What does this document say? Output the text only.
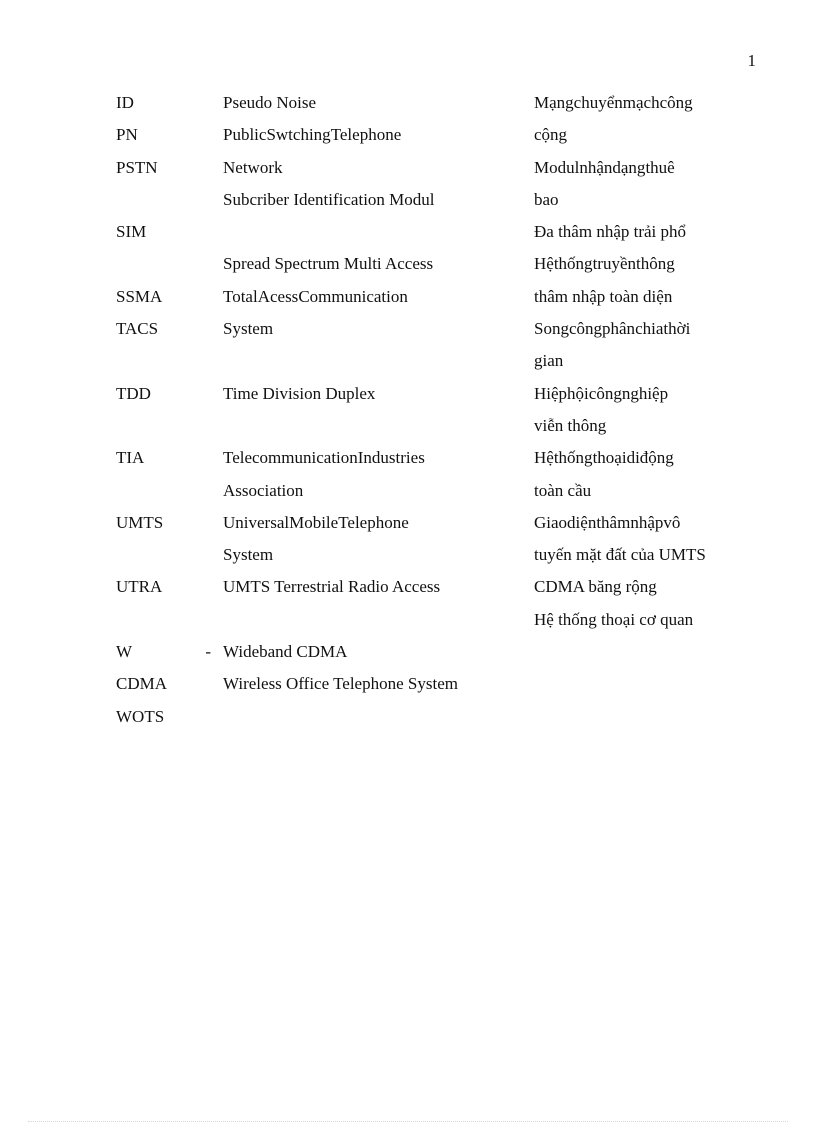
1
ID
PN
PSTN
SIM
SSMA
TACS
TDD
TIA
UMTS
UTRA
W	-
CDMA
WOTS
Pseudo Noise
PublicSwtchingTelephone
Network
Subcriber Identification Modul
Spread Spectrum Multi Access
TotalAcessCommunication
System
Time Division Duplex
TelecommunicationIndustries
Association
UniversalMobileTelephone
System
UMTS Terrestrial Radio Access
Wideband CDMA
Wireless Office Telephone System
Mạngchuyểnmạchcông
cộng
Modulnhậndạngthuê
bao
Đa thâm nhập trải phổ
Hệthốngtruyềnthông
thâm nhập toàn diện
Songcôngphânchiathời
gian
Hiệphộicôngnghiệp
viễn thông
Hệthốngthoạidiđộng
toàn cầu
Giaodiệnthâmnhậpvô
tuyến mặt đất của UMTS
CDMA băng rộng
Hệ thống thoại cơ quan
